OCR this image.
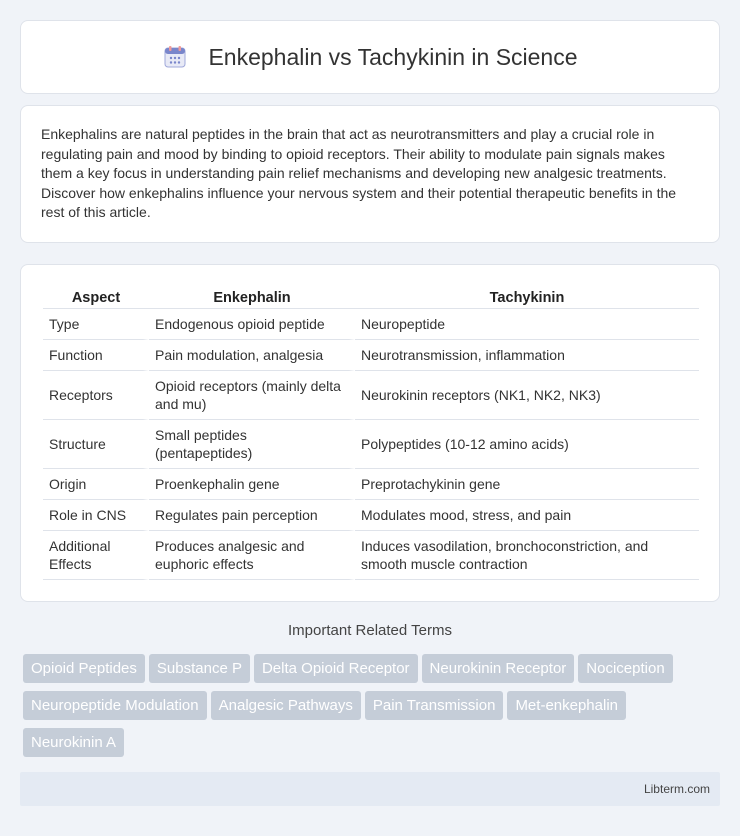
Enkephalin vs Tachykinin in Science

Enkephalins are natural peptides in the brain that act as neurotransmitters and play a crucial role in regulating pain and mood by binding to opioid receptors. Their ability to modulate pain signals makes them a key focus in understanding pain relief mechanisms and developing new analgesic treatments. Discover how enkephalins influence your nervous system and their potential therapeutic benefits in the rest of this article.

Aspect	Enkephalin	Tachykinin
Type	Endogenous opioid peptide	Neuropeptide
Function	Pain modulation, analgesia	Neurotransmission, inflammation
Receptors	Opioid receptors (mainly delta and mu)	Neurokinin receptors (NK1, NK2, NK3)
Structure	Small peptides (pentapeptides)	Polypeptides (10-12 amino acids)
Origin	Proenkephalin gene	Preprotachykinin gene
Role in CNS	Regulates pain perception	Modulates mood, stress, and pain
Additional Effects	Produces analgesic and euphoric effects	Induces vasodilation, bronchoconstriction, and smooth muscle contraction
Important Related Terms
Opioid Peptides Substance P Delta Opioid Receptor Neurokinin Receptor NociceptionNeuropeptide Modulation Analgesic Pathways Pain Transmission Met-enkephalinNeurokinin A
Libterm.com
